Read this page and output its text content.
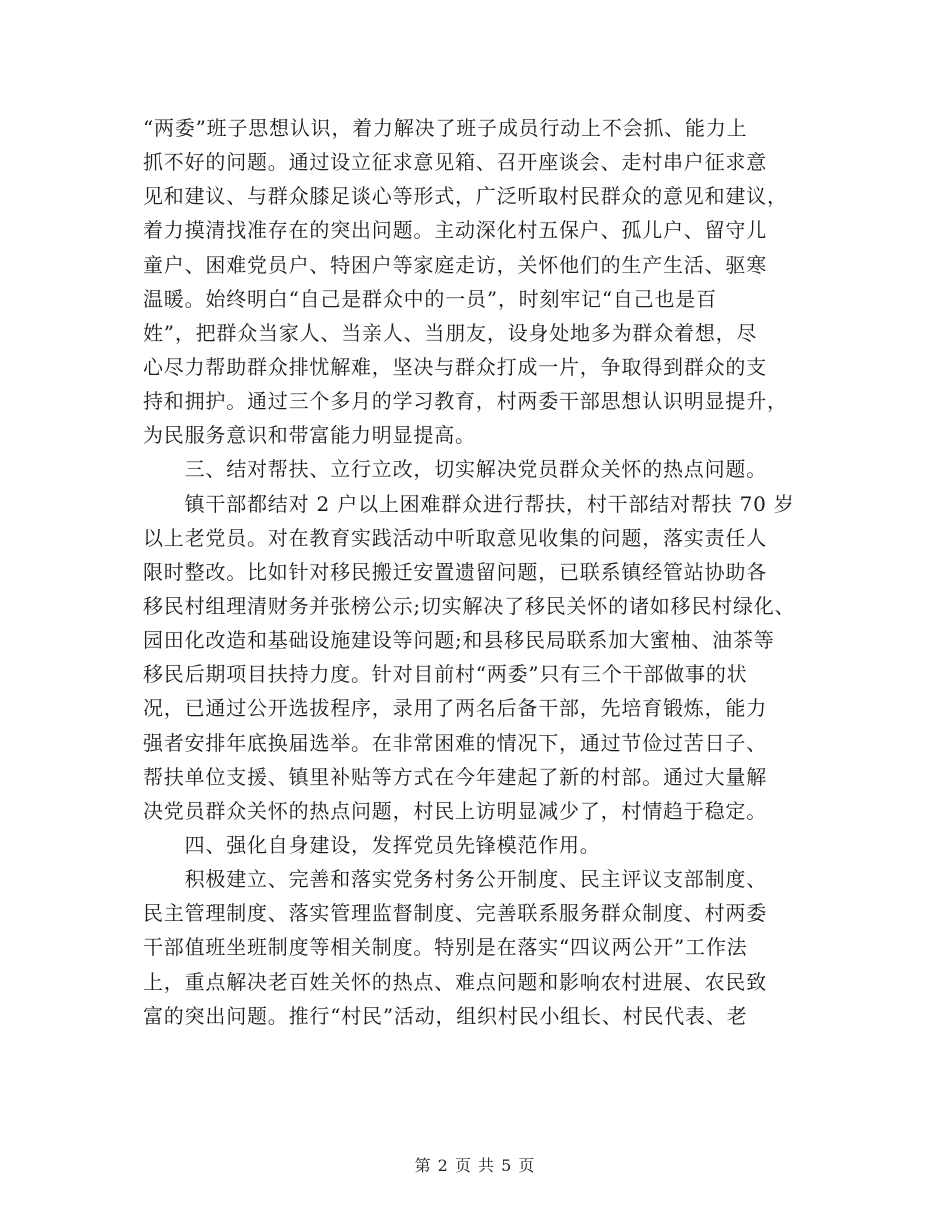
“两委”班子思想认识，着力解决了班子成员行动上不会抓、能力上
抓不好的问题。通过设立征求意见箱、召开座谈会、走村串户征求意
见和建议、与群众膝足谈心等形式，广泛听取村民群众的意见和建议，
着力摸清找准存在的突出问题。主动深化村五保户、孤儿户、留守儿
童户、困难党员户、特困户等家庭走访，关怀他们的生产生活、驱寒
温暖。始终明白“自己是群众中的一员”，时刻牢记“自己也是百
姓”，把群众当家人、当亲人、当朋友，设身处地多为群众着想，尽
心尽力帮助群众排忧解难，坚决与群众打成一片，争取得到群众的支
持和拥护。通过三个多月的学习教育，村两委干部思想认识明显提升，
为民服务意识和带富能力明显提高。
　　三、结对帮扶、立行立改，切实解决党员群众关怀的热点问题。
　　镇干部都结对 2 户以上困难群众进行帮扶，村干部结对帮扶 70 岁
以上老党员。对在教育实践活动中听取意见收集的问题，落实责任人
限时整改。比如针对移民搬迁安置遗留问题，已联系镇经管站协助各
移民村组理清财务并张榜公示;切实解决了移民关怀的诸如移民村绿化、
园田化改造和基础设施建设等问题;和县移民局联系加大蜜柚、油茶等
移民后期项目扶持力度。针对目前村“两委”只有三个干部做事的状
况，已通过公开选拔程序，录用了两名后备干部，先培育锻炼，能力
强者安排年底换届选举。在非常困难的情况下，通过节俭过苦日子、
帮扶单位支援、镇里补贴等方式在今年建起了新的村部。通过大量解
决党员群众关怀的热点问题，村民上访明显减少了，村情趋于稳定。
　　四、强化自身建设，发挥党员先锋模范作用。
　　积极建立、完善和落实党务村务公开制度、民主评议支部制度、
民主管理制度、落实管理监督制度、完善联系服务群众制度、村两委
干部值班坐班制度等相关制度。特别是在落实“四议两公开”工作法
上，重点解决老百姓关怀的热点、难点问题和影响农村进展、农民致
富的突出问题。推行“村民”活动，组织村民小组长、村民代表、老
第 2 页 共 5 页
